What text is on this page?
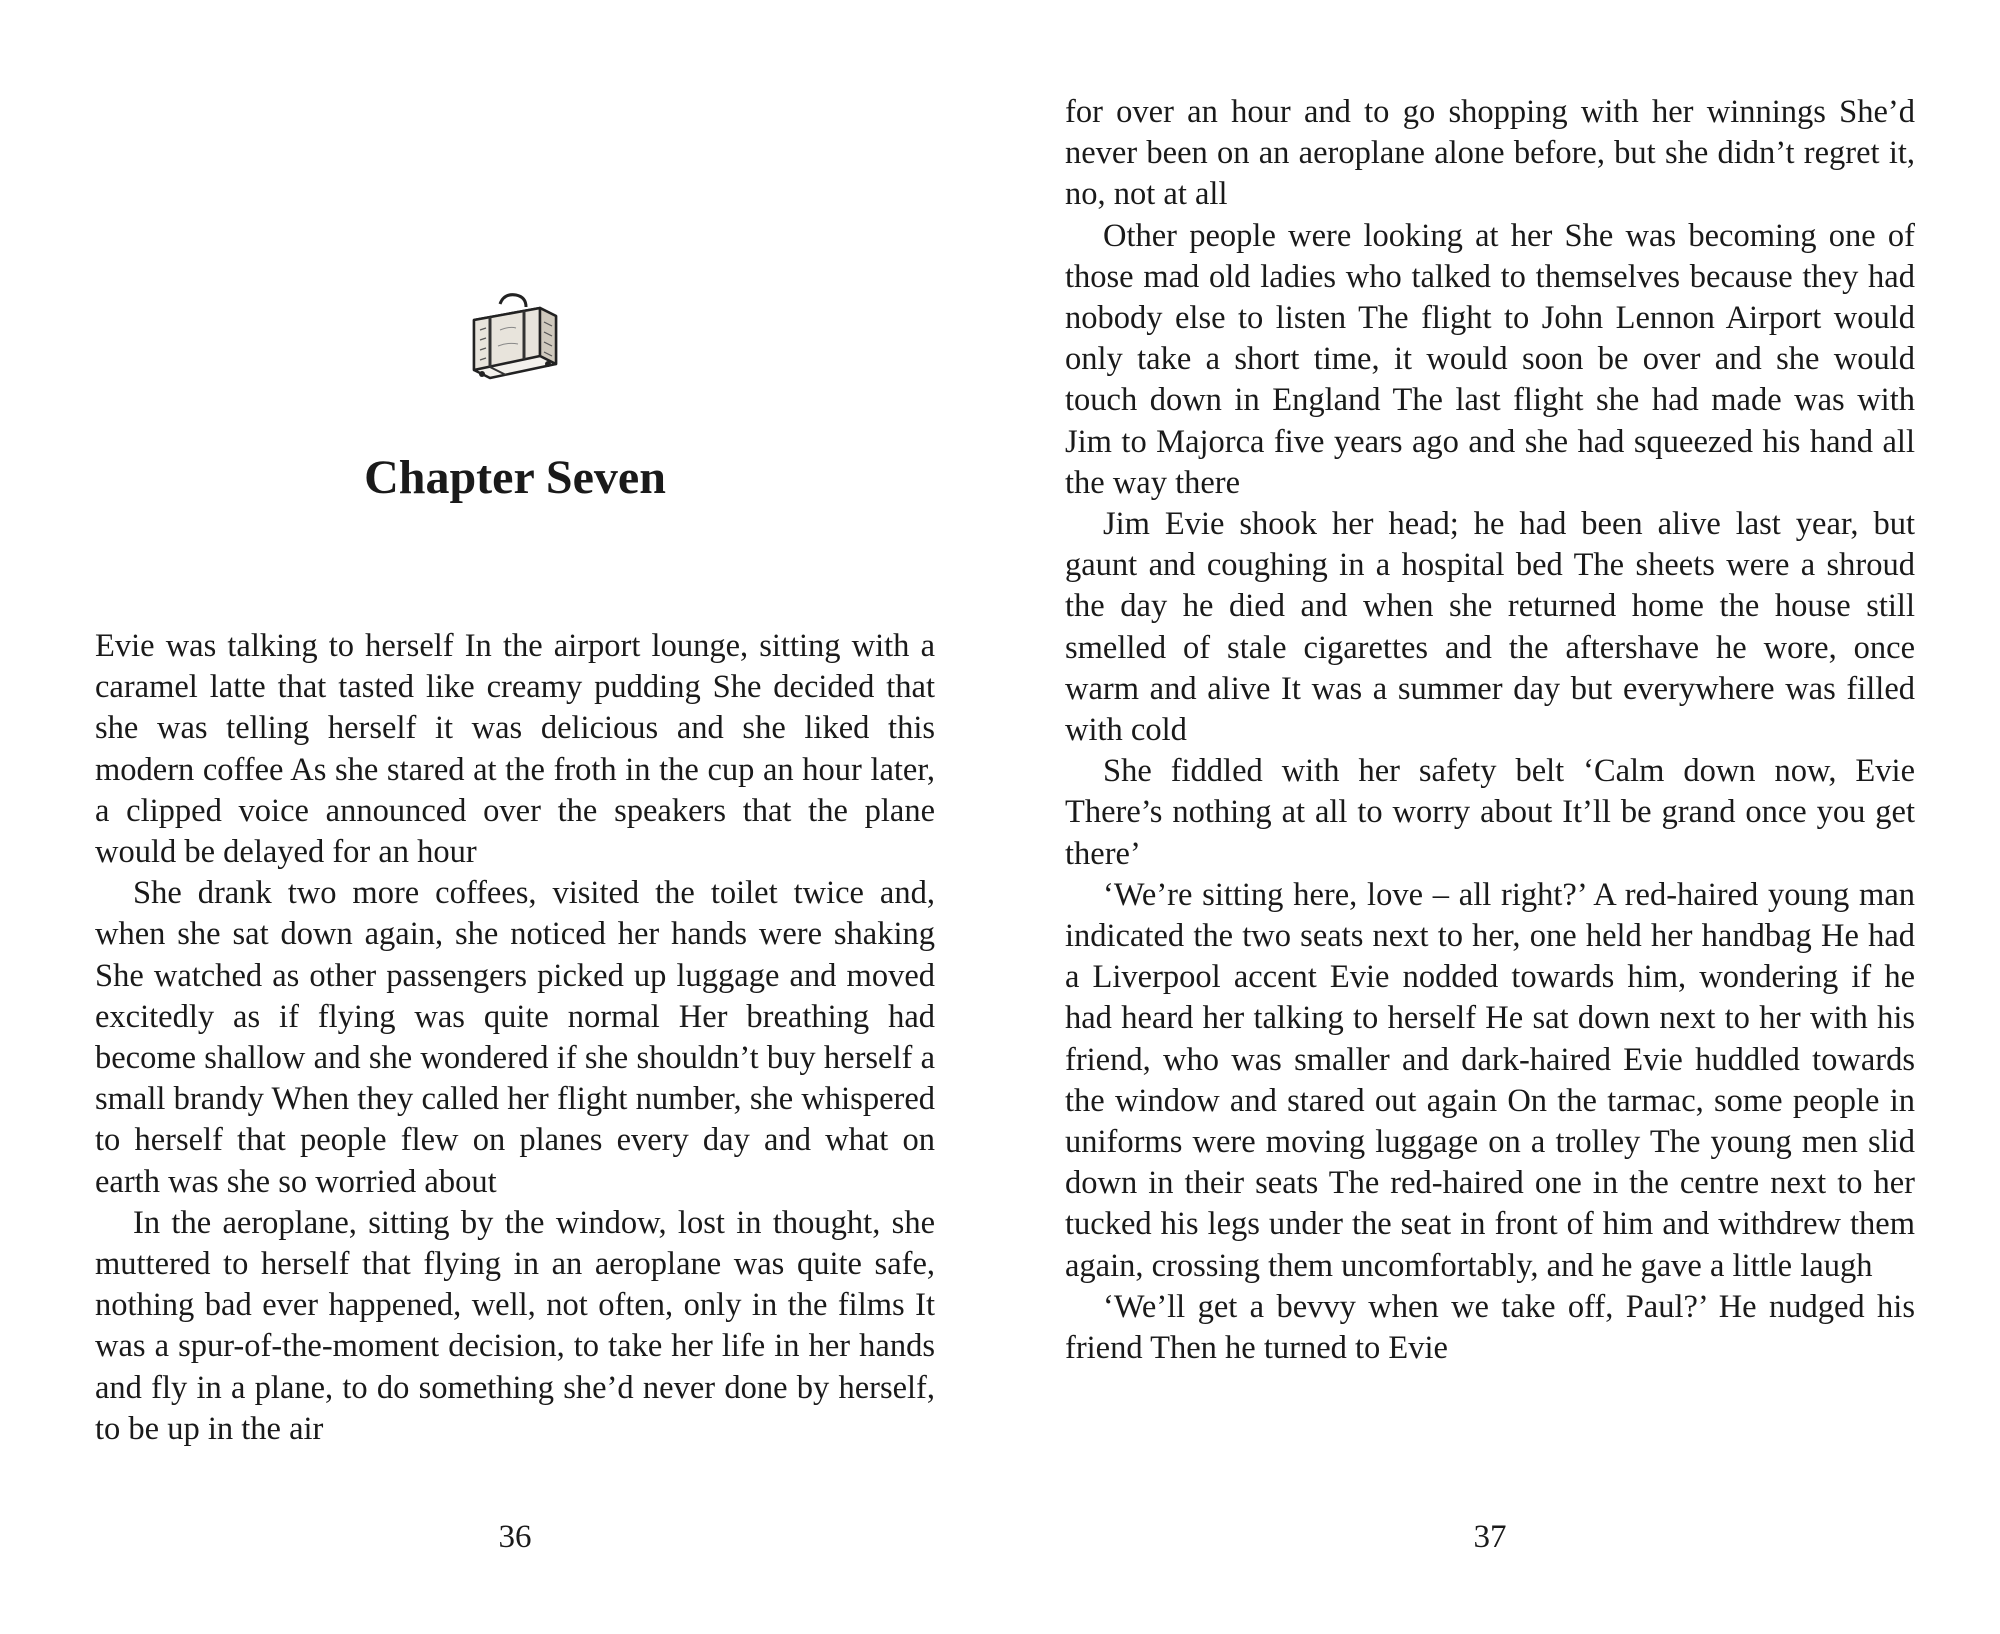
Chapter Seven

Evie was talking to herself In the airport lounge, sitting with a caramel latte that tasted like creamy pudding She decided that she was telling herself it was delicious and she liked this modern coffee As she stared at the froth in the cup an hour later, a clipped voice announced over the speakers that the plane would be delayed for an hour

She drank two more coffees, visited the toilet twice and, when she sat down again, she noticed her hands were shaking She watched as other passengers picked up luggage and moved excitedly as if flying was quite normal Her breathing had become shallow and she wondered if she shouldn’t buy herself a small brandy When they called her flight number, she whispered to herself that people flew on planes every day and what on earth was she so worried about

In the aeroplane, sitting by the window, lost in thought, she muttered to herself that flying in an aeroplane was quite safe, nothing bad ever happened, well, not often, only in the films It was a spur-of-the-moment decision, to take her life in her hands and fly in a plane, to do something she’d never done by herself, to be up in the air

36

for over an hour and to go shopping with her winnings She’d never been on an aeroplane alone before, but she didn’t regret it, no, not at all

Other people were looking at her She was becoming one of those mad old ladies who talked to themselves because they had nobody else to listen The flight to John Lennon Airport would only take a short time, it would soon be over and she would touch down in England The last flight she had made was with Jim to Majorca five years ago and she had squeezed his hand all the way there

Jim Evie shook her head; he had been alive last year, but gaunt and coughing in a hospital bed The sheets were a shroud the day he died and when she returned home the house still smelled of stale cigarettes and the aftershave he wore, once warm and alive It was a summer day but everywhere was filled with cold

She fiddled with her safety belt ‘Calm down now, Evie There’s nothing at all to worry about It’ll be grand once you get there’

‘We’re sitting here, love – all right?’ A red-haired young man indicated the two seats next to her, one held her handbag He had a Liverpool accent Evie nodded towards him, wondering if he had heard her talking to herself He sat down next to her with his friend, who was smaller and dark-haired Evie huddled towards the window and stared out again On the tarmac, some people in uniforms were moving luggage on a trolley The young men slid down in their seats The red-haired one in the centre next to her tucked his legs under the seat in front of him and withdrew them again, crossing them uncomfortably, and he gave a little laugh

‘We’ll get a bevvy when we take off, Paul?’ He nudged his friend Then he turned to Evie

37
